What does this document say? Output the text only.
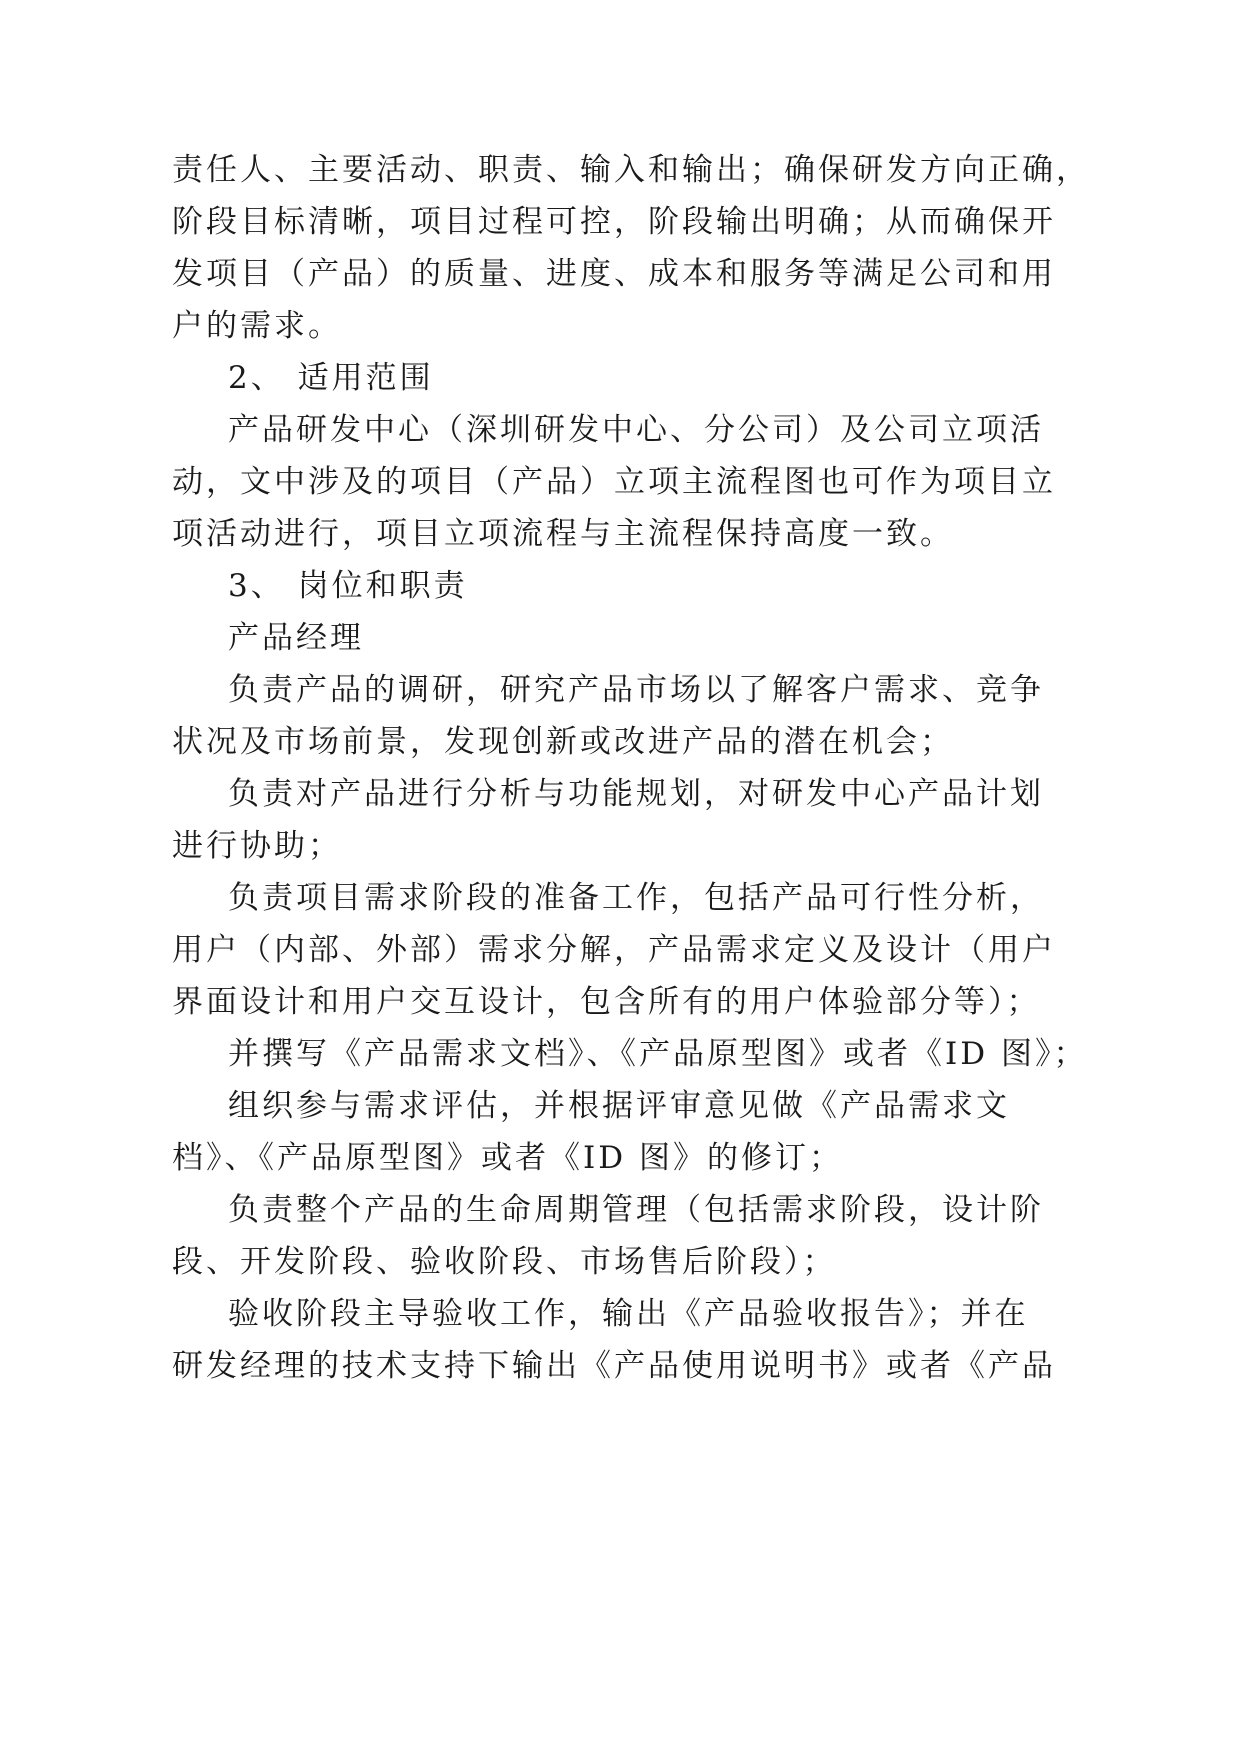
责任人、主要活动、职责、输入和输出；确保研发方向正确，
阶段目标清晰，项目过程可控，阶段输出明确；从而确保开
发项目（产品）的质量、进度、成本和服务等满足公司和用
户的需求。
2、 适用范围
产品研发中心（深圳研发中心、分公司）及公司立项活
动，文中涉及的项目（产品）立项主流程图也可作为项目立
项活动进行，项目立项流程与主流程保持高度一致。
3、 岗位和职责
产品经理
负责产品的调研，研究产品市场以了解客户需求、竞争
状况及市场前景，发现创新或改进产品的潜在机会；
负责对产品进行分析与功能规划，对研发中心产品计划
进行协助；
负责项目需求阶段的准备工作，包括产品可行性分析，
用户（内部、外部）需求分解，产品需求定义及设计（用户
界面设计和用户交互设计，包含所有的用户体验部分等）；
并撰写《产品需求文档》、《产品原型图》或者《ID 图》；
组织参与需求评估，并根据评审意见做《产品需求文
档》、《产品原型图》或者《ID 图》的修订；
负责整个产品的生命周期管理（包括需求阶段，设计阶
段、开发阶段、验收阶段、市场售后阶段）；
验收阶段主导验收工作，输出《产品验收报告》；并在
研发经理的技术支持下输出《产品使用说明书》或者《产品
